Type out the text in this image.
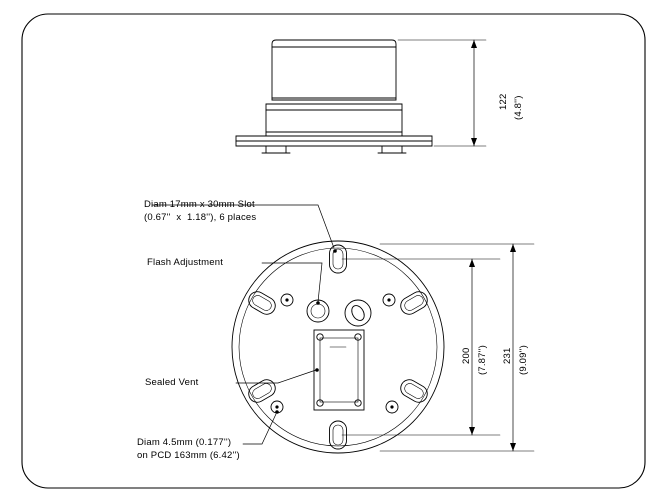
122 (4.8'')
200 (7.87'') 231 (9.09'')
Diam 17mm x 30mm Slot
(0.67''  x  1.18''), 6 places
Flash Adjustment
Sealed Vent
Diam 4.5mm (0.177'')
on PCD 163mm (6.42'')
